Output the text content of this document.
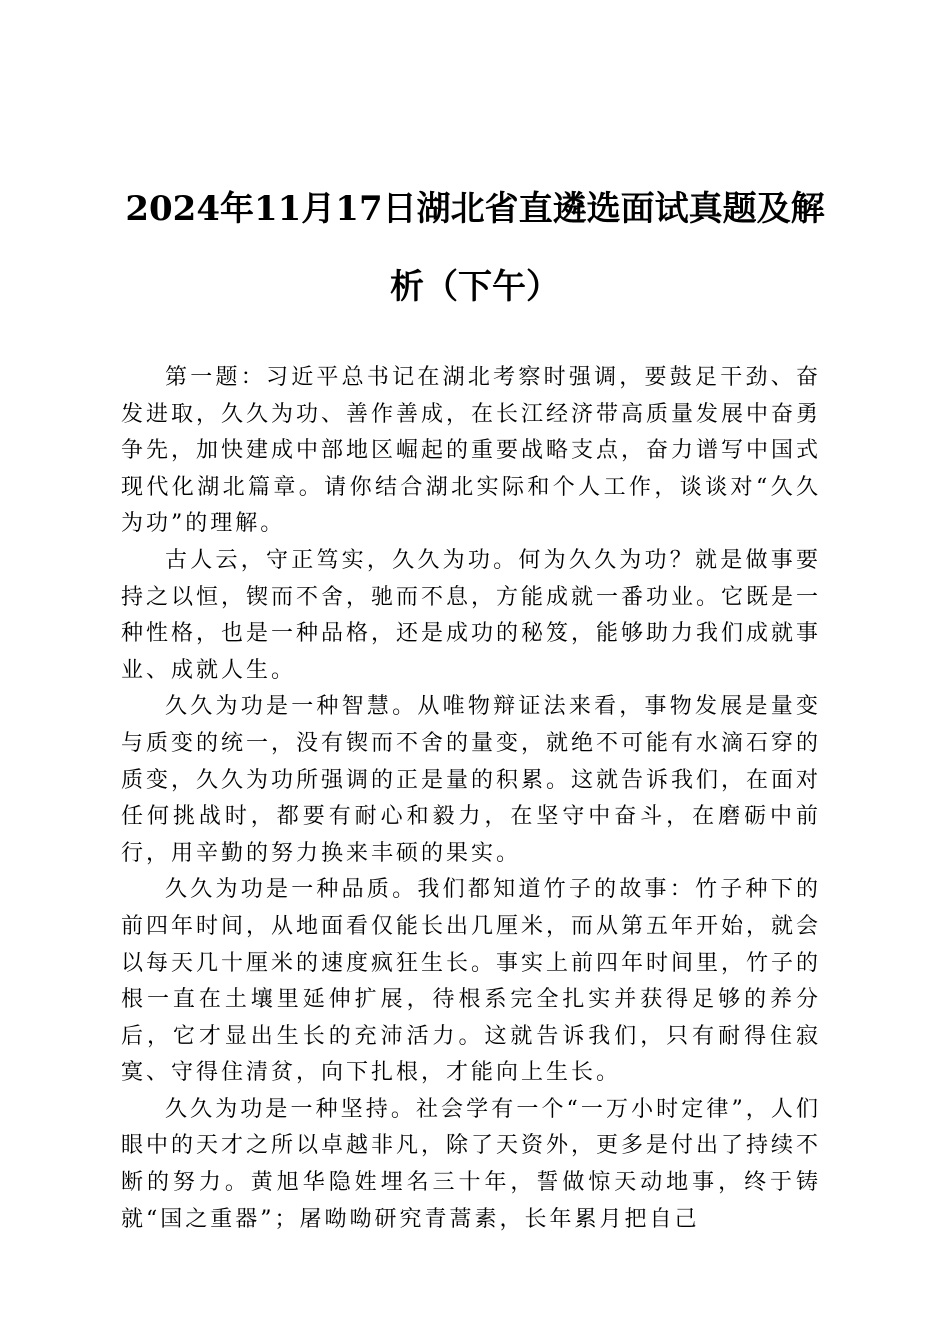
2024年11月17日湖北省直遴选面试真题及解析（下午）

第一题：习近平总书记在湖北考察时强调，要鼓足干劲、奋发进取，久久为功、善作善成，在长江经济带高质量发展中奋勇争先，加快建成中部地区崛起的重要战略支点，奋力谱写中国式现代化湖北篇章。请你结合湖北实际和个人工作，谈谈对“久久为功”的理解。

古人云，守正笃实，久久为功。何为久久为功？就是做事要持之以恒，锲而不舍，驰而不息，方能成就一番功业。它既是一种性格，也是一种品格，还是成功的秘笈，能够助力我们成就事业、成就人生。

久久为功是一种智慧。从唯物辩证法来看，事物发展是量变与质变的统一，没有锲而不舍的量变，就绝不可能有水滴石穿的质变，久久为功所强调的正是量的积累。这就告诉我们，在面对任何挑战时，都要有耐心和毅力，在坚守中奋斗，在磨砺中前行，用辛勤的努力换来丰硕的果实。

久久为功是一种品质。我们都知道竹子的故事：竹子种下的前四年时间，从地面看仅能长出几厘米，而从第五年开始，就会以每天几十厘米的速度疯狂生长。事实上前四年时间里，竹子的根一直在土壤里延伸扩展，待根系完全扎实并获得足够的养分后，它才显出生长的充沛活力。这就告诉我们，只有耐得住寂寞、守得住清贫，向下扎根，才能向上生长。

久久为功是一种坚持。社会学有一个“一万小时定律”，人们眼中的天才之所以卓越非凡，除了天资外，更多是付出了持续不断的努力。黄旭华隐姓埋名三十年，誓做惊天动地事，终于铸就“国之重器”；屠呦呦研究青蒿素，长年累月把自己
